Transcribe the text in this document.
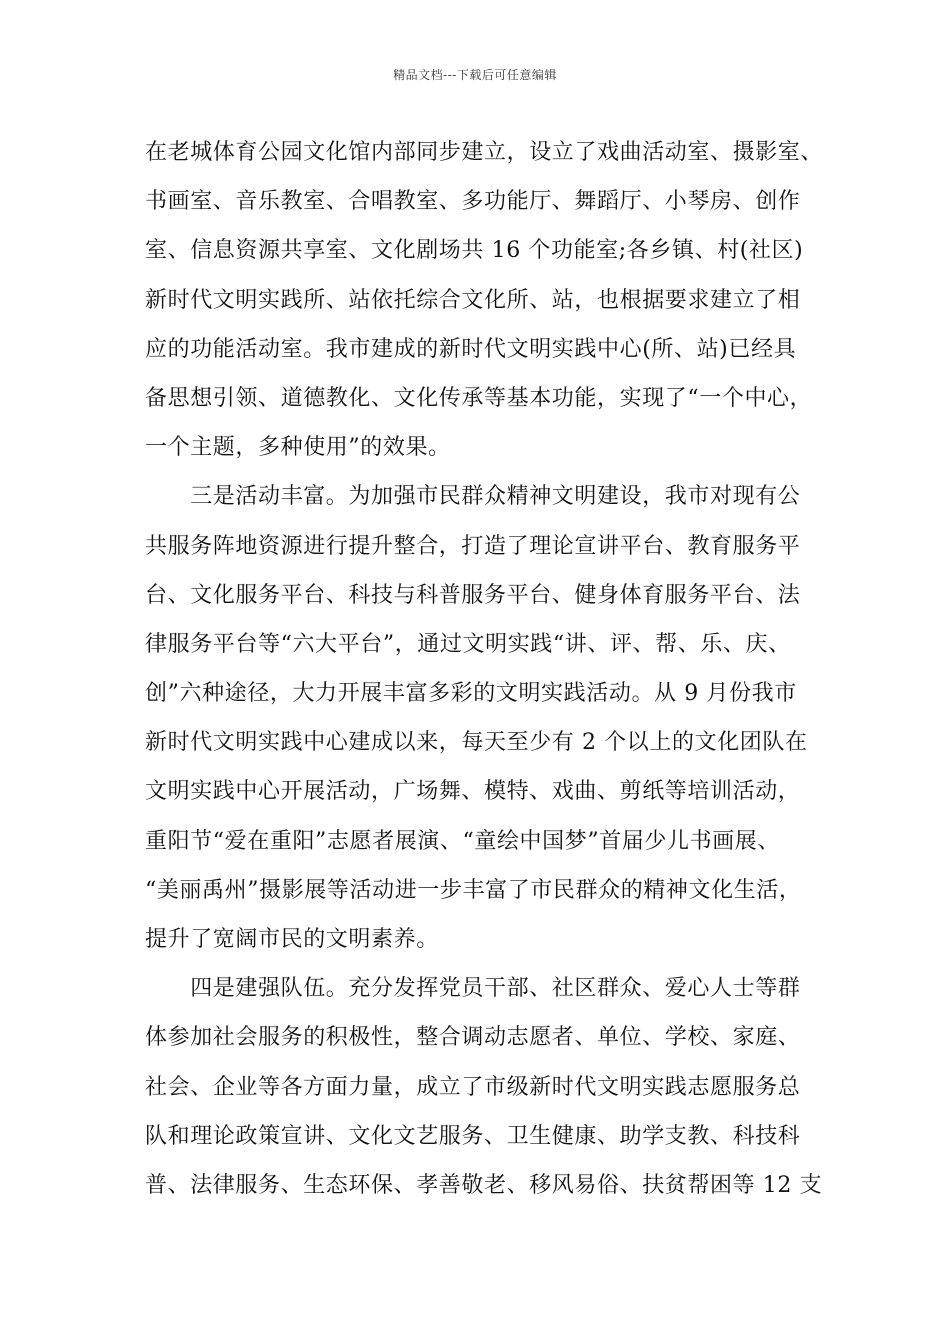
精品文档---下载后可任意编辑
在老城体育公园文化馆内部同步建立，设立了戏曲活动室、摄影室、
书画室、音乐教室、合唱教室、多功能厅、舞蹈厅、小琴房、创作
室、信息资源共享室、文化剧场共 16 个功能室;各乡镇、村(社区)
新时代文明实践所、站依托综合文化所、站，也根据要求建立了相
应的功能活动室。我市建成的新时代文明实践中心(所、站)已经具
备思想引领、道德教化、文化传承等基本功能，实现了“一个中心，
一个主题，多种使用”的效果。
　　三是活动丰富。为加强市民群众精神文明建设，我市对现有公
共服务阵地资源进行提升整合，打造了理论宣讲平台、教育服务平
台、文化服务平台、科技与科普服务平台、健身体育服务平台、法
律服务平台等“六大平台”，通过文明实践“讲、评、帮、乐、庆、
创”六种途径，大力开展丰富多彩的文明实践活动。从 9 月份我市
新时代文明实践中心建成以来，每天至少有 2 个以上的文化团队在
文明实践中心开展活动，广场舞、模特、戏曲、剪纸等培训活动，
重阳节“爱在重阳”志愿者展演、“童绘中国梦”首届少儿书画展、
“美丽禹州”摄影展等活动进一步丰富了市民群众的精神文化生活，
提升了宽阔市民的文明素养。
　　四是建强队伍。充分发挥党员干部、社区群众、爱心人士等群
体参加社会服务的积极性，整合调动志愿者、单位、学校、家庭、
社会、企业等各方面力量，成立了市级新时代文明实践志愿服务总
队和理论政策宣讲、文化文艺服务、卫生健康、助学支教、科技科
普、法律服务、生态环保、孝善敬老、移风易俗、扶贫帮困等 12 支
